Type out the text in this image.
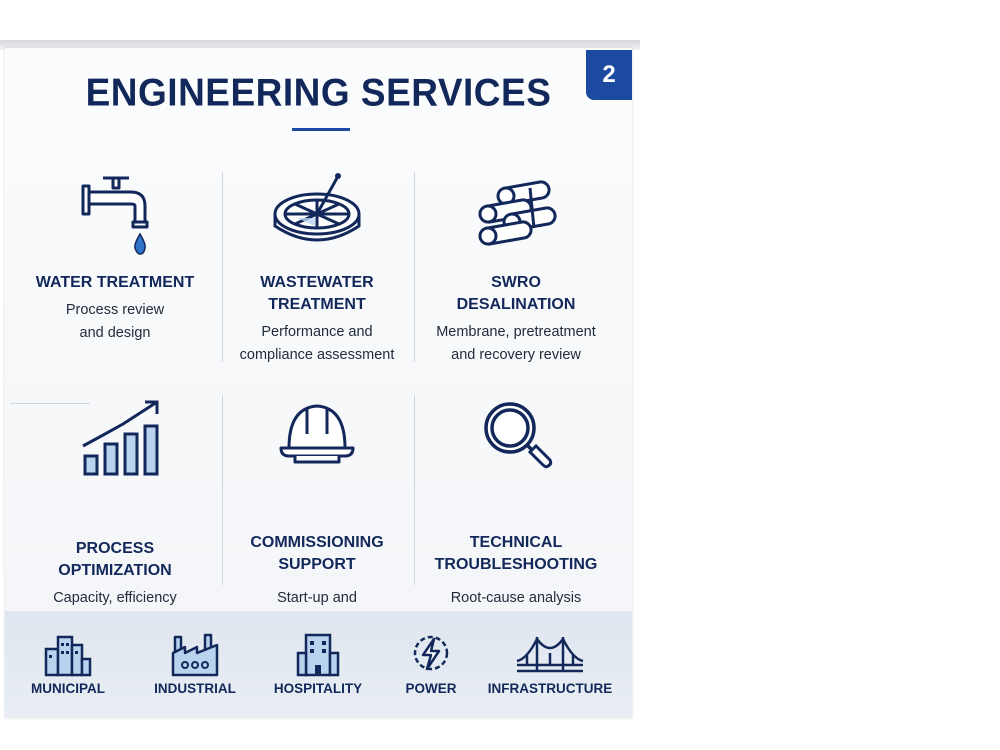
2
ENGINEERING SERVICES
WATER TREATMENT
Process review
and design
WASTEWATER
TREATMENT
Performance and
compliance assessment
SWRO
DESALINATION
Membrane, pretreatment
and recovery review
PROCESS
OPTIMIZATION
Capacity, efficiency
COMMISSIONING
SUPPORT
Start-up and
TECHNICAL
TROUBLESHOOTING
Root-cause analysis
MUNICIPAL	INDUSTRIAL	HOSPITALITY	POWER	INFRASTRUCTURE
